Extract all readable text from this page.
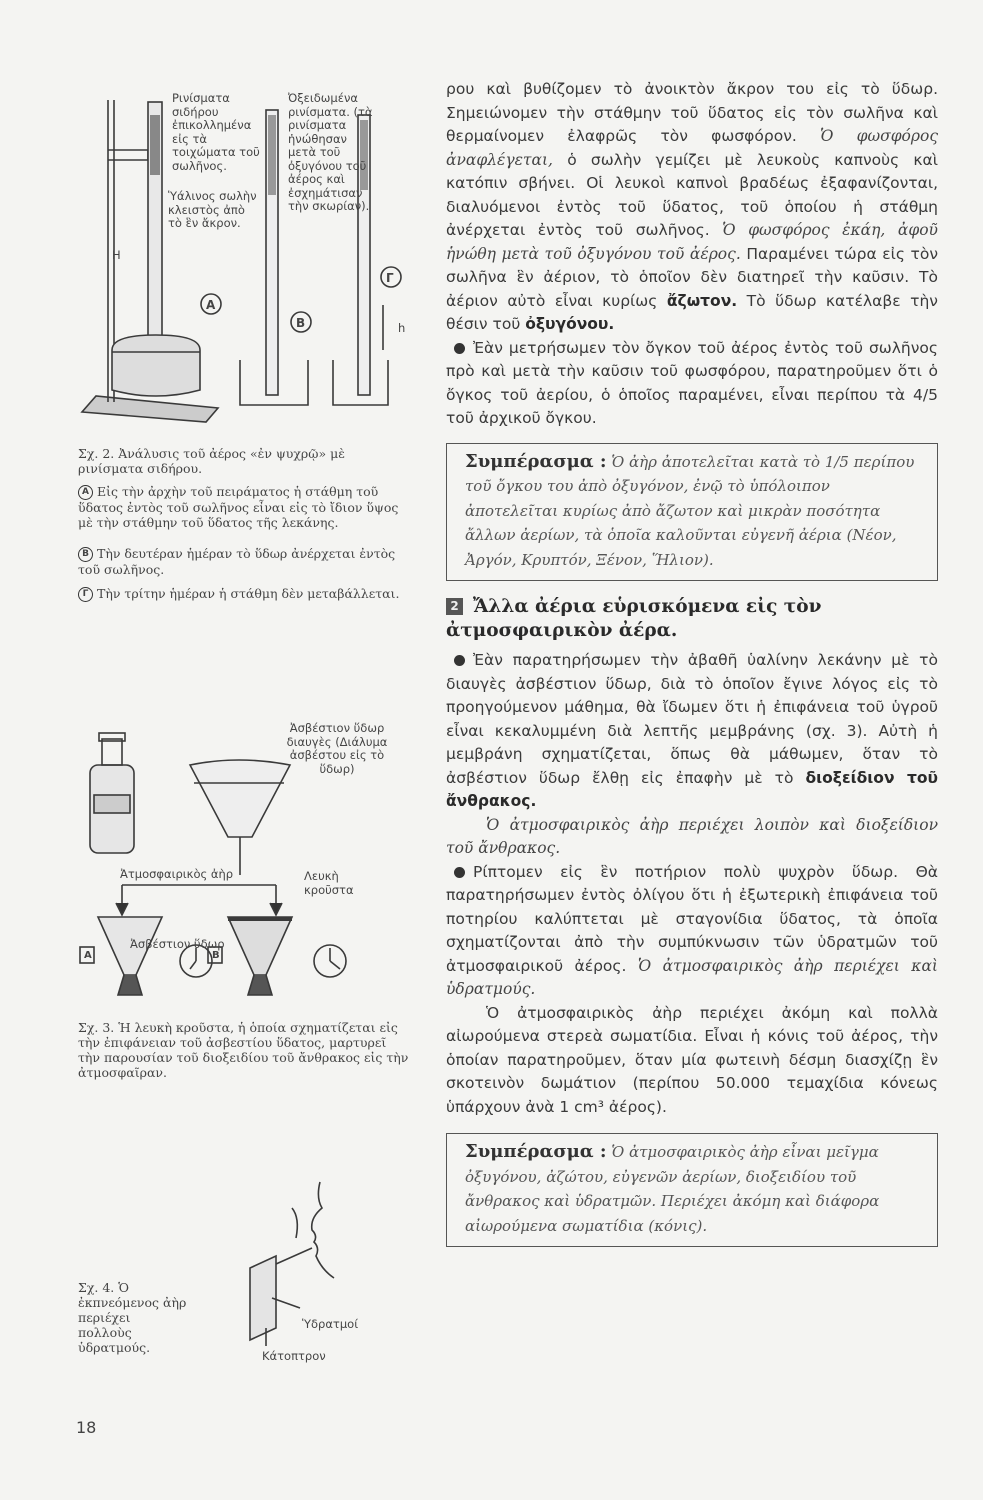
Α
Β
Γ
Η
h
Ρινίσματα σιδήρου ἐπικολλημένα εἰς τὰ τοιχώματα τοῦ σωλῆνος.
Ὑάλινος σωλὴν κλειστὸς ἀπὸ τὸ ἓν ἄκρον.
Ὀξειδωμένα ρινίσματα. (τὰ ρινίσματα ἠνώθησαν μετὰ τοῦ ὀξυγόνου τοῦ ἀέρος καὶ ἐσχημάτισαν τὴν σκωρίαν).
Σχ. 2. Ἀνάλυσις τοῦ ἀέρος «ἐν ψυχρῷ» μὲ ρινίσματα σιδήρου.
Α Εἰς τὴν ἀρχὴν τοῦ πειράματος ἡ στάθμη τοῦ ὕδατος ἐντὸς τοῦ σωλῆνος εἶναι εἰς τὸ ἴδιον ὕψος μὲ τὴν στάθμην τοῦ ὕδατος τῆς λεκάνης.
Β Τὴν δευτέραν ἡμέραν τὸ ὕδωρ ἀνέρχεται ἐντὸς τοῦ σωλῆνος.
Γ Τὴν τρίτην ἡμέραν ἡ στάθμη δὲν μεταβάλλεται.
Α	Β
Ἀσβέστιον ὕδωρ διαυγὲς (Διάλυμα ἀσβέστου εἰς τὸ ὕδωρ)
Ἀτμοσφαιρικὸς ἀὴρ	Λευκὴ κροῦστα
Ἀσβέστιον ὕδωρ
Σχ. 3. Ἡ λευκὴ κροῦστα, ἡ ὁποία σχηματίζεται εἰς τὴν ἐπιφάνειαν τοῦ ἀσβεστίου ὕδατος, μαρτυρεῖ τὴν παρουσίαν τοῦ διοξειδίου τοῦ ἄνθρακος εἰς τὴν ἀτμοσφαῖραν.
Σχ. 4. Ὁ ἐκπνεόμενος ἀὴρ περιέχει πολλοὺς ὑδρατμούς.
Ὑδρατμοί
Κάτοπτρον
18

ρου καὶ βυθίζομεν τὸ ἀνοικτὸν ἄκρον του εἰς τὸ ὕδωρ. Σημειώνομεν τὴν στάθμην τοῦ ὕδατος εἰς τὸν σωλῆνα καὶ θερμαίνομεν ἐλαφρῶς τὸν φωσφόρον. Ὁ φωσφόρος ἀναφλέγεται, ὁ σωλὴν γεμίζει μὲ λευκοὺς καπνοὺς καὶ κατόπιν σβήνει. Οἱ λευκοὶ καπνοὶ βραδέως ἐξαφανίζονται, διαλυόμενοι ἐντὸς τοῦ ὕδατος, τοῦ ὁποίου ἡ στάθμη ἀνέρχεται ἐντὸς τοῦ σωλῆνος. Ὁ φωσφόρος ἐκάη, ἀφοῦ ἡνώθη μετὰ τοῦ ὀξυγόνου τοῦ ἀέρος. Παραμένει τώρα εἰς τὸν σωλῆνα ἓν ἀέριον, τὸ ὁποῖον δὲν διατηρεῖ τὴν καῦσιν. Τὸ ἀέριον αὐτὸ εἶναι κυρίως ἄζωτον. Τὸ ὕδωρ κατέλαβε τὴν θέσιν τοῦ ὀξυγόνου.

Ἐὰν μετρήσωμεν τὸν ὄγκον τοῦ ἀέρος ἐντὸς τοῦ σωλῆνος πρὸ καὶ μετὰ τὴν καῦσιν τοῦ φωσφόρου, παρατηροῦμεν ὅτι ὁ ὄγκος τοῦ ἀερίου, ὁ ὁποῖος παραμένει, εἶναι περίπου τὰ 4/5 τοῦ ἀρχικοῦ ὄγκου.

Συμπέρασμα : Ὁ ἀὴρ ἀποτελεῖται κατὰ τὸ 1/5 περίπου τοῦ ὄγκου του ἀπὸ ὀξυγόνον, ἐνῷ τὸ ὑπόλοιπον ἀποτελεῖται κυρίως ἀπὸ ἄζωτον καὶ μικρὰν ποσότητα ἄλλων ἀερίων, τὰ ὁποῖα καλοῦνται εὐγενῆ ἀέρια (Νέον, Ἀργόν, Κρυπτόν, Ξένον, Ἥλιον).

2 Ἄλλα ἀέρια εὑρισκόμενα εἰς τὸν ἀτμοσφαιρικὸν ἀέρα.

Ἐὰν παρατηρήσωμεν τὴν ἀβαθῆ ὑαλίνην λεκάνην μὲ τὸ διαυγὲς ἀσβέστιον ὕδωρ, διὰ τὸ ὁποῖον ἔγινε λόγος εἰς τὸ προηγούμενον μάθημα, θὰ ἴδωμεν ὅτι ἡ ἐπιφάνεια τοῦ ὑγροῦ εἶναι κεκαλυμμένη διὰ λεπτῆς μεμβράνης (σχ. 3). Αὐτὴ ἡ μεμβράνη σχηματίζεται, ὅπως θὰ μάθωμεν, ὅταν τὸ ἀσβέστιον ὕδωρ ἔλθῃ εἰς ἐπαφὴν μὲ τὸ διοξείδιον τοῦ ἄνθρακος.

Ὁ ἀτμοσφαιρικὸς ἀὴρ περιέχει λοιπὸν καὶ διοξείδιον τοῦ ἄνθρακος.

Ρίπτομεν εἰς ἓν ποτήριον πολὺ ψυχρὸν ὕδωρ. Θὰ παρατηρήσωμεν ἐντὸς ὀλίγου ὅτι ἡ ἐξωτερικὴ ἐπιφάνεια τοῦ ποτηρίου καλύπτεται μὲ σταγονίδια ὕδατος, τὰ ὁποῖα σχηματίζονται ἀπὸ τὴν συμπύκνωσιν τῶν ὑδρατμῶν τοῦ ἀτμοσφαιρικοῦ ἀέρος. Ὁ ἀτμοσφαιρικὸς ἀὴρ περιέχει καὶ ὑδρατμούς.

Ὁ ἀτμοσφαιρικὸς ἀὴρ περιέχει ἀκόμη καὶ πολλὰ αἰωρούμενα στερεὰ σωματίδια. Εἶναι ἡ κόνις τοῦ ἀέρος, τὴν ὁποίαν παρατηροῦμεν, ὅταν μία φωτεινὴ δέσμη διασχίζῃ ἓν σκοτεινὸν δωμάτιον (περίπου 50.000 τεμαχίδια κόνεως ὑπάρχουν ἀνὰ 1 cm³ ἀέρος).

Συμπέρασμα : Ὁ ἀτμοσφαιρικὸς ἀὴρ εἶναι μεῖγμα ὀξυγόνου, ἀζώτου, εὐγενῶν ἀερίων, διοξειδίου τοῦ ἄνθρακος καὶ ὑδρατμῶν. Περιέχει ἀκόμη καὶ διάφορα αἰωρούμενα σωματίδια (κόνις).
